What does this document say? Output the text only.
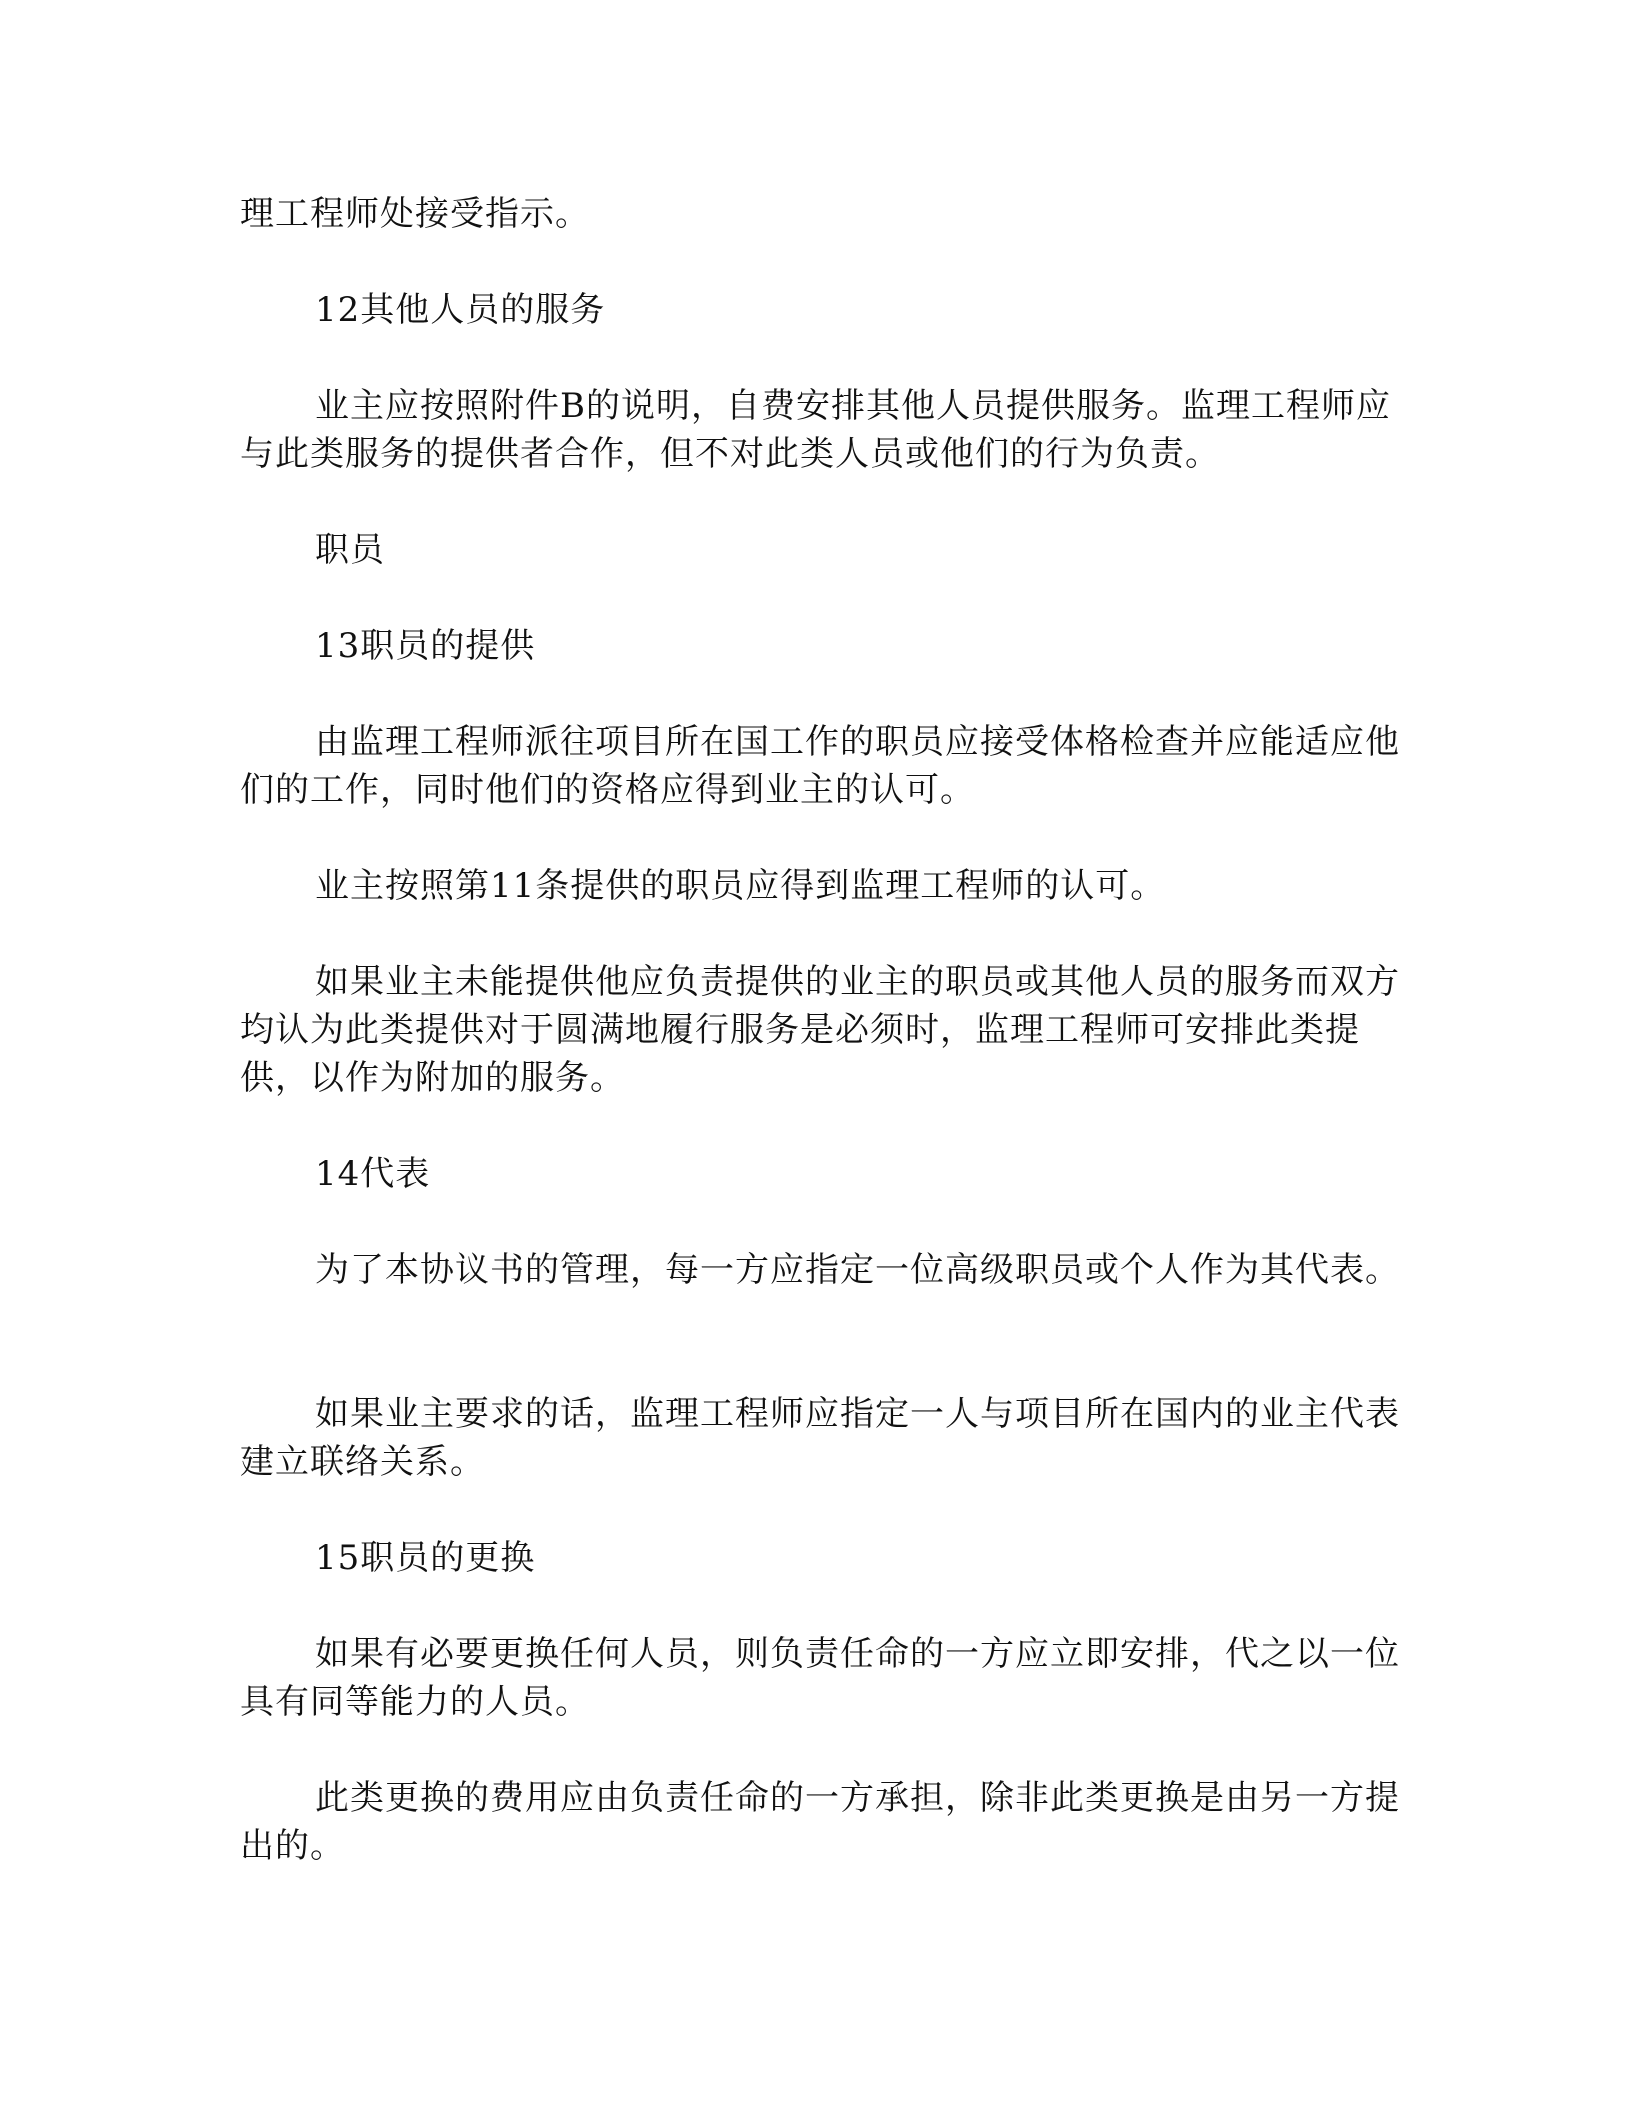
理工程师处接受指示。

12其他人员的服务

业主应按照附件B的说明，自费安排其他人员提供服务。监理工程师应与此类服务的提供者合作，但不对此类人员或他们的行为负责。

职员

13职员的提供

由监理工程师派往项目所在国工作的职员应接受体格检查并应能适应他们的工作，同时他们的资格应得到业主的认可。

业主按照第11条提供的职员应得到监理工程师的认可。

如果业主未能提供他应负责提供的业主的职员或其他人员的服务而双方均认为此类提供对于圆满地履行服务是必须时，监理工程师可安排此类提供，以作为附加的服务。

14代表

为了本协议书的管理，每一方应指定一位高级职员或个人作为其代表。

如果业主要求的话，监理工程师应指定一人与项目所在国内的业主代表建立联络关系。

15职员的更换

如果有必要更换任何人员，则负责任命的一方应立即安排，代之以一位具有同等能力的人员。

此类更换的费用应由负责任命的一方承担，除非此类更换是由另一方提出的。
